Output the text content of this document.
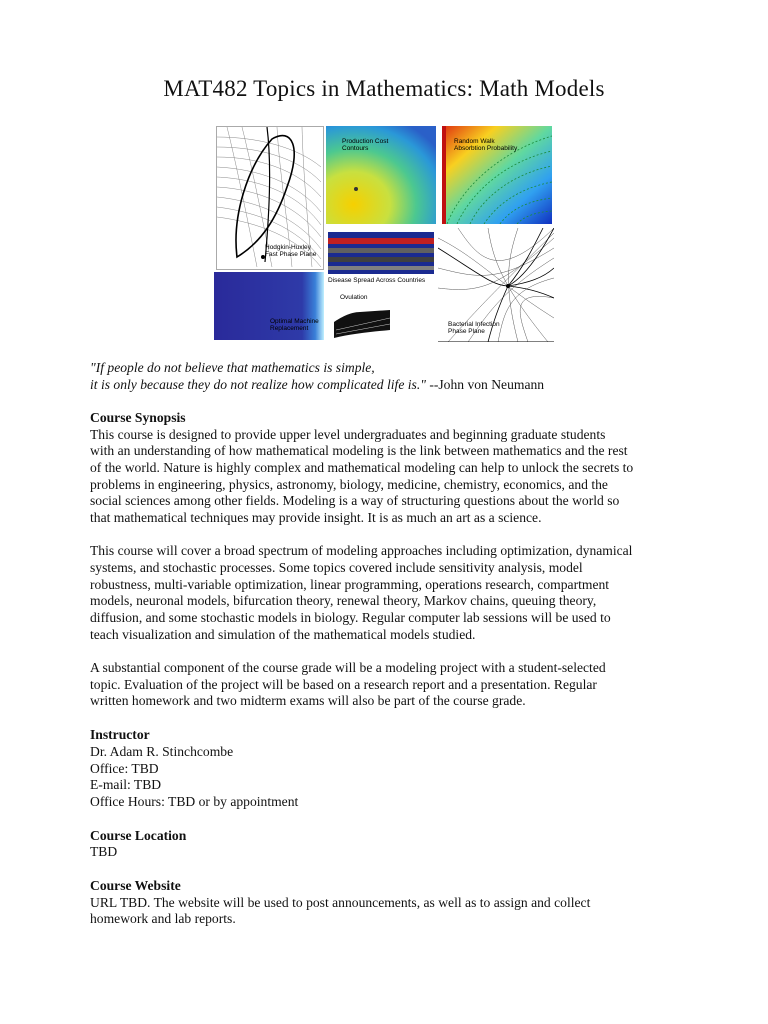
MAT482 Topics in Mathematics: Math Models
Hodgkin-Huxley
Fast Phase Plane
Production Cost
Contours
Random Walk
Absorbtion Probability
Disease Spread Across Countries
Bacterial Infection
Phase Plane
Optimal Machine
Replacement
Ovulation

"If people do not believe that mathematics is simple,

it is only because they do not realize how complicated life is." --John von Neumann

Course Synopsis

This course is designed to provide upper level undergraduates and beginning graduate students

with an understanding of how mathematical modeling is the link between mathematics and the rest

of the world. Nature is highly complex and mathematical modeling can help to unlock the secrets to

problems in engineering, physics, astronomy, biology, medicine, chemistry, economics, and the

social sciences among other fields. Modeling is a way of structuring questions about the world so

that mathematical techniques may provide insight. It is as much an art as a science.

This course will cover a broad spectrum of modeling approaches including optimization, dynamical

systems, and stochastic processes. Some topics covered include sensitivity analysis, model

robustness, multi-variable optimization, linear programming, operations research, compartment

models, neuronal models, bifurcation theory, renewal theory, Markov chains, queuing theory,

diffusion, and some stochastic models in biology. Regular computer lab sessions will be used to

teach visualization and simulation of the mathematical models studied.

A substantial component of the course grade will be a modeling project with a student-selected

topic. Evaluation of the project will be based on a research report and a presentation. Regular

written homework and two midterm exams will also be part of the course grade.

Instructor

Dr. Adam R. Stinchcombe

Office: TBD

E-mail: TBD

Office Hours: TBD or by appointment

Course Location

TBD

Course Website

URL TBD. The website will be used to post announcements, as well as to assign and collect

homework and lab reports.
